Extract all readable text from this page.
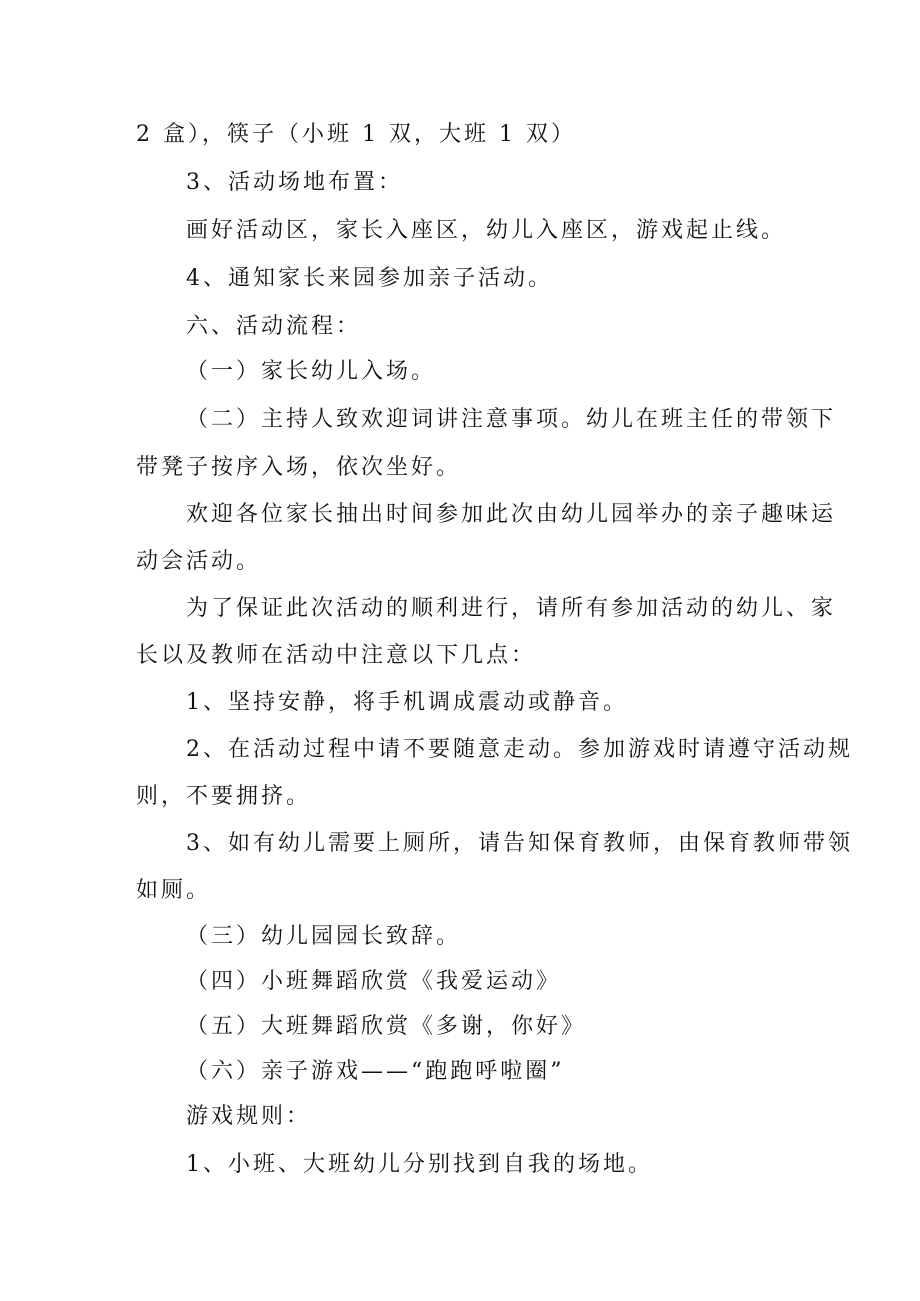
2 盒），筷子（小班 1 双，大班 1 双）
3、活动场地布置：
画好活动区，家长入座区，幼儿入座区，游戏起止线。
4、通知家长来园参加亲子活动。
六、活动流程：
（一）家长幼儿入场。
（二）主持人致欢迎词讲注意事项。幼儿在班主任的带领下
带凳子按序入场，依次坐好。
欢迎各位家长抽出时间参加此次由幼儿园举办的亲子趣味运
动会活动。
为了保证此次活动的顺利进行，请所有参加活动的幼儿、家
长以及教师在活动中注意以下几点：
1、坚持安静，将手机调成震动或静音。
2、在活动过程中请不要随意走动。参加游戏时请遵守活动规
则，不要拥挤。
3、如有幼儿需要上厕所，请告知保育教师，由保育教师带领
如厕。
（三）幼儿园园长致辞。
（四）小班舞蹈欣赏《我爱运动》
（五）大班舞蹈欣赏《多谢，你好》
（六）亲子游戏——“跑跑呼啦圈”
游戏规则：
1、小班、大班幼儿分别找到自我的场地。
